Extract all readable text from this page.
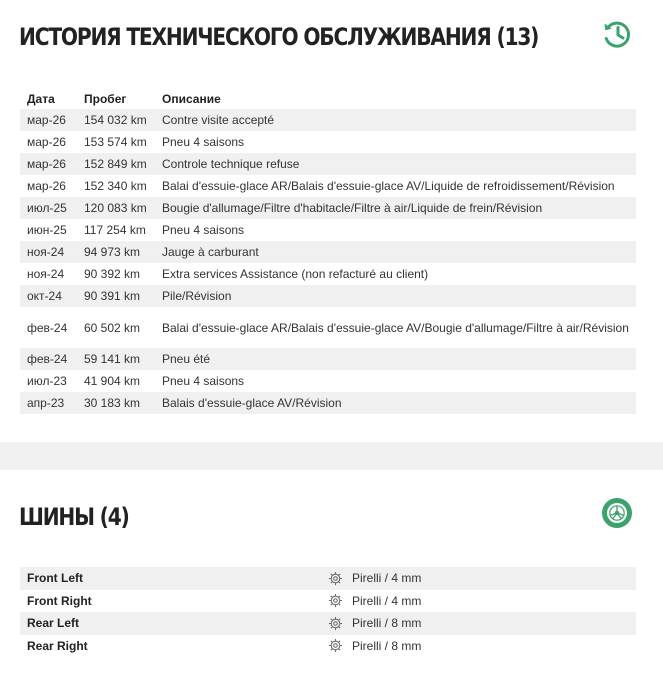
ИСТОРИЯ ТЕХНИЧЕСКОГО ОБСЛУЖИВАНИЯ (13)
Дата	Пробег	Описание
мар-26	154 032 km	Contre visite accepté
мар-26	153 574 km	Pneu 4 saisons
мар-26	152 849 km	Controle technique refuse
мар-26	152 340 km	Balai d'essuie-glace AR/Balais d'essuie-glace AV/Liquide de refroidissement/Révision
июл-25	120 083 km	Bougie d'allumage/Filtre d'habitacle/Filtre à air/Liquide de frein/Révision
июн-25	117 254 km	Pneu 4 saisons
ноя-24	94 973 km	Jauge à carburant
ноя-24	90 392 km	Extra services Assistance (non refacturé au client)
окт-24	90 391 km	Pile/Révision
фев-24	60 502 km	Balai d'essuie-glace AR/Balais d'essuie-glace AV/Bougie d'allumage/Filtre à air/Révision
фев-24	59 141 km	Pneu été
июл-23	41 904 km	Pneu 4 saisons
апр-23	30 183 km	Balais d'essuie-glace AV/Révision
ШИНЫ (4)
Front Left		Pirelli / 4 mm
Front Right		Pirelli / 4 mm
Rear Left		Pirelli / 8 mm
Rear Right		Pirelli / 8 mm
